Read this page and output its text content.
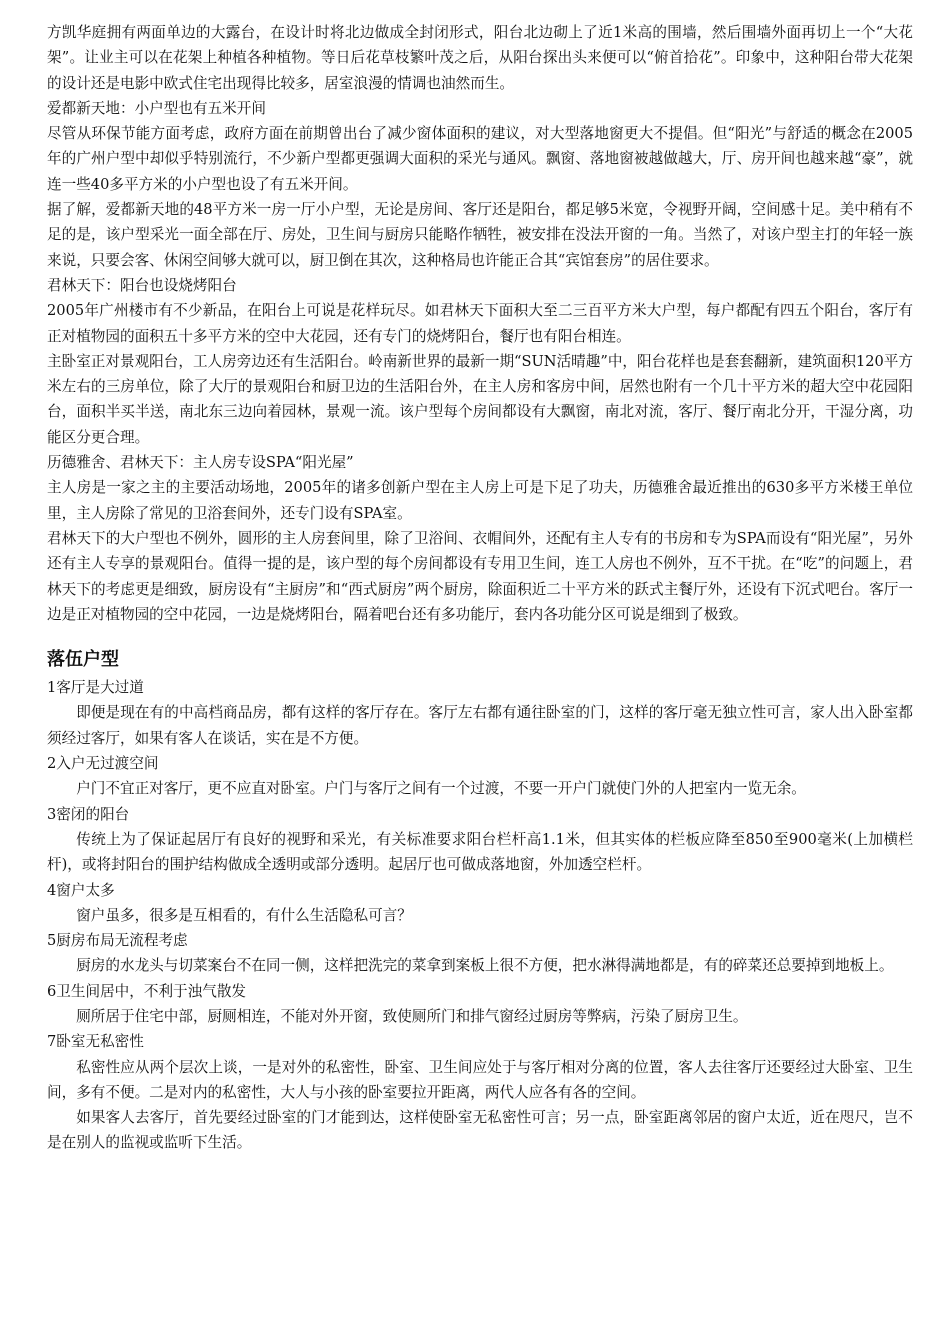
方凯华庭拥有两面单边的大露台，在设计时将北边做成全封闭形式，阳台北边砌上了近1米高的围墙，然后围墙外面再切上一个“大花架”。让业主可以在花架上种植各种植物。等日后花草枝繁叶茂之后，从阳台探出头来便可以“俯首拾花”。印象中，这种阳台带大花架的设计还是电影中欧式住宅出现得比较多，居室浪漫的情调也油然而生。

爱都新天地：小户型也有五米开间

尽管从环保节能方面考虑，政府方面在前期曾出台了减少窗体面积的建议，对大型落地窗更大不提倡。但“阳光”与舒适的概念在2005年的广州户型中却似乎特别流行，不少新户型都更强调大面积的采光与通风。飘窗、落地窗被越做越大，厅、房开间也越来越“豪”，就连一些40多平方米的小户型也设了有五米开间。

据了解，爱都新天地的48平方米一房一厅小户型，无论是房间、客厅还是阳台，都足够5米宽，令视野开阔，空间感十足。美中稍有不足的是，该户型采光一面全部在厅、房处，卫生间与厨房只能略作牺牲，被安排在没法开窗的一角。当然了，对该户型主打的年轻一族来说，只要会客、休闲空间够大就可以，厨卫倒在其次，这种格局也许能正合其“宾馆套房”的居住要求。

君林天下：阳台也设烧烤阳台

2005年广州楼市有不少新品，在阳台上可说是花样玩尽。如君林天下面积大至二三百平方米大户型，每户都配有四五个阳台，客厅有正对植物园的面积五十多平方米的空中大花园，还有专门的烧烤阳台，餐厅也有阳台相连。

主卧室正对景观阳台，工人房旁边还有生活阳台。岭南新世界的最新一期“SUN活晴趣”中，阳台花样也是套套翻新，建筑面积120平方米左右的三房单位，除了大厅的景观阳台和厨卫边的生活阳台外，在主人房和客房中间，居然也附有一个几十平方米的超大空中花园阳台，面积半买半送，南北东三边向着园林，景观一流。该户型每个房间都设有大飘窗，南北对流，客厅、餐厅南北分开，干湿分离，功能区分更合理。

历德雅舍、君林天下：主人房专设SPA“阳光屋”

主人房是一家之主的主要活动场地，2005年的诸多创新户型在主人房上可是下足了功夫，历德雅舍最近推出的630多平方米楼王单位里，主人房除了常见的卫浴套间外，还专门设有SPA室。

君林天下的大户型也不例外，圆形的主人房套间里，除了卫浴间、衣帽间外，还配有主人专有的书房和专为SPA而设有“阳光屋”，另外还有主人专享的景观阳台。值得一提的是，该户型的每个房间都设有专用卫生间，连工人房也不例外，互不干扰。在“吃”的问题上，君林天下的考虑更是细致，厨房设有“主厨房”和“西式厨房”两个厨房，除面积近二十平方米的跃式主餐厅外，还设有下沉式吧台。客厅一边是正对植物园的空中花园，一边是烧烤阳台，隔着吧台还有多功能厅，套内各功能分区可说是细到了极致。

落伍户型

1客厅是大过道

即便是现在有的中高档商品房，都有这样的客厅存在。客厅左右都有通往卧室的门，这样的客厅毫无独立性可言，家人出入卧室都须经过客厅，如果有客人在谈话，实在是不方便。

2入户无过渡空间

户门不宜正对客厅，更不应直对卧室。户门与客厅之间有一个过渡，不要一开户门就使门外的人把室内一览无余。

3密闭的阳台

传统上为了保证起居厅有良好的视野和采光，有关标准要求阳台栏杆高1.1米，但其实体的栏板应降至850至900毫米(上加横栏杆)，或将封阳台的围护结构做成全透明或部分透明。起居厅也可做成落地窗，外加透空栏杆。

4窗户太多

窗户虽多，很多是互相看的，有什么生活隐私可言？

5厨房布局无流程考虑

厨房的水龙头与切菜案台不在同一侧，这样把洗完的菜拿到案板上很不方便，把水淋得满地都是，有的碎菜还总要掉到地板上。

6卫生间居中，不利于浊气散发

厕所居于住宅中部，厨厕相连，不能对外开窗，致使厕所门和排气窗经过厨房等弊病，污染了厨房卫生。

7卧室无私密性

私密性应从两个层次上谈，一是对外的私密性，卧室、卫生间应处于与客厅相对分离的位置，客人去往客厅还要经过大卧室、卫生间，多有不便。二是对内的私密性，大人与小孩的卧室要拉开距离，两代人应各有各的空间。

如果客人去客厅，首先要经过卧室的门才能到达，这样使卧室无私密性可言；另一点，卧室距离邻居的窗户太近，近在咫尺，岂不是在别人的监视或监听下生活。
